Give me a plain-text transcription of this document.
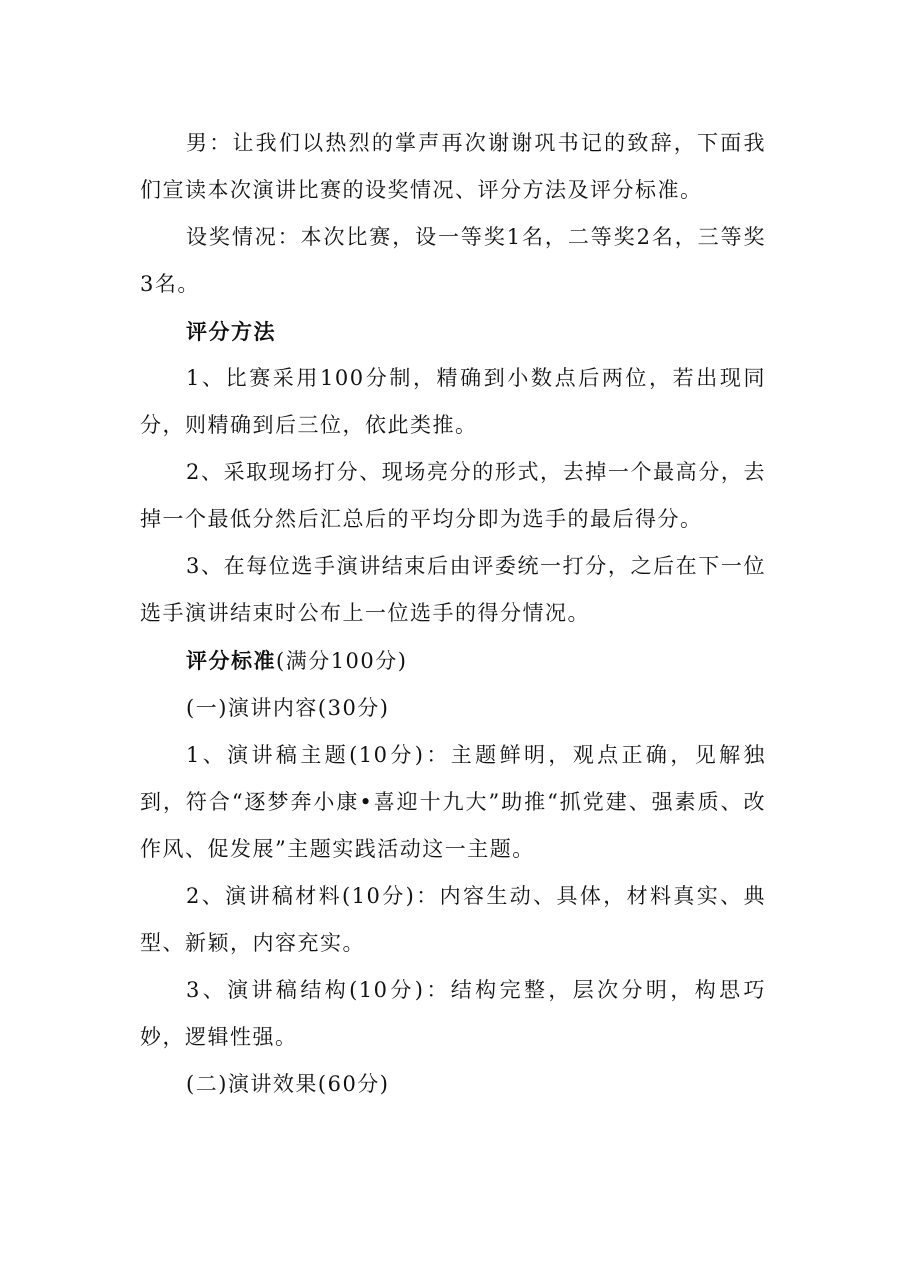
男：让我们以热烈的掌声再次谢谢巩书记的致辞，下面我们宣读本次演讲比赛的设奖情况、评分方法及评分标准。

设奖情况：本次比赛，设一等奖1名，二等奖2名，三等奖3名。

评分方法

1、比赛采用100分制，精确到小数点后两位，若出现同分，则精确到后三位，依此类推。

2、采取现场打分、现场亮分的形式，去掉一个最高分，去掉一个最低分然后汇总后的平均分即为选手的最后得分。

3、在每位选手演讲结束后由评委统一打分，之后在下一位选手演讲结束时公布上一位选手的得分情况。

评分标准(满分100分)

(一)演讲内容(30分)

1、演讲稿主题(10分)：主题鲜明，观点正确，见解独到，符合“逐梦奔小康•喜迎十九大”助推“抓党建、强素质、改作风、促发展”主题实践活动这一主题。

2、演讲稿材料(10分)：内容生动、具体，材料真实、典型、新颖，内容充实。

3、演讲稿结构(10分)：结构完整，层次分明，构思巧妙，逻辑性强。

(二)演讲效果(60分)
